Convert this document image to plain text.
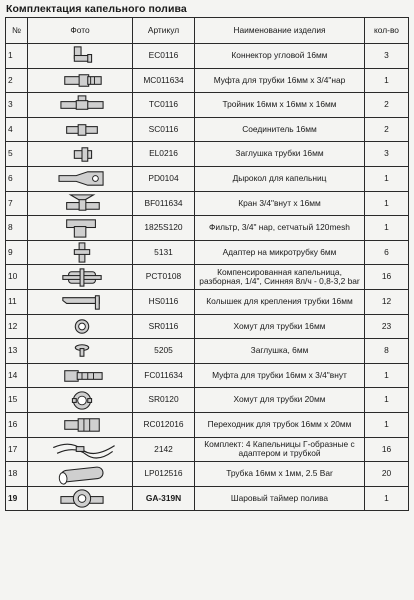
Комплектация капельного полива
№	Фото	Артикул	Наименование изделия	кол-во
1		EC0116	Коннектор угловой 16мм	3
2		MC011634	Муфта для трубки 16мм х 3/4"нар	1
3		TC0116	Тройник 16мм х 16мм х 16мм	2
4		SC0116	Соединитель 16мм	2
5		EL0216	Заглушка трубки 16мм	3
6		PD0104	Дырокол для капельниц	1
7		BF011634	Кран 3/4"внут х 16мм	1
8		1825S120	Фильтр, 3/4" нар, сетчатый 120mesh	1
9		5131	Адаптер на микротрубку 6мм	6
10		PCT0108	Компенсированная капельница, разборная, 1/4", Синняя 8л/ч - 0,8-3,2 bar	16
11		HS0116	Колышек для крепления трубки 16мм	12
12		SR0116	Хомут для трубки 16мм	23
13		5205	Заглушка, 6мм	8
14		FC011634	Муфта для трубки 16мм х 3/4"внут	1
15		SR0120	Хомут для трубки 20мм	1
16		RC012016	Переходник для трубок 16мм х 20мм	1
17		2142	Комплект: 4 Капельницы Г-образные с адаптером и трубкой	16
18		LP012516	Трубка 16мм х 1мм, 2.5 Bar	20
19		GA-319N	Шаровый таймер полива	1
